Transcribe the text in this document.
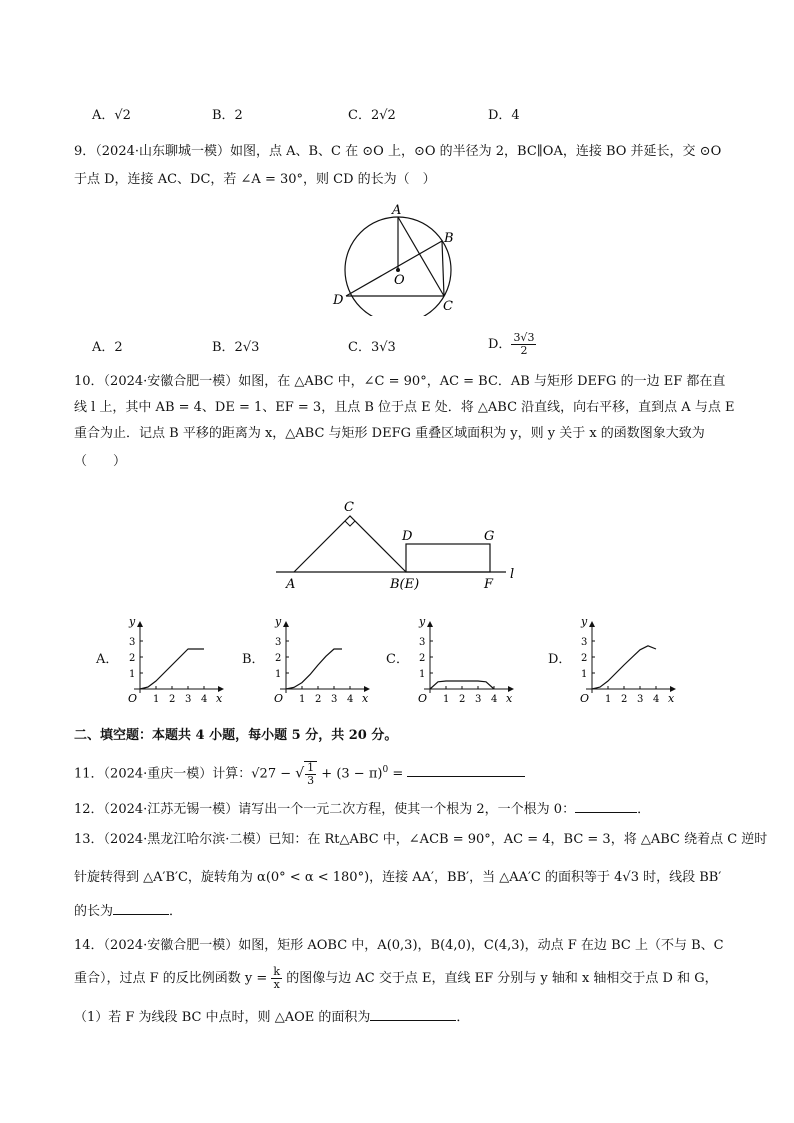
A．√2	B．2	C．2√2	D．4
9．（2024·山东聊城一模）如图，点 A、B、C 在 ⊙O 上，⊙O 的半径为 2，BC∥OA，连接 BO 并延长，交 ⊙O
于点 D，连接 AC、DC，若 ∠A = 30°，则 CD 的长为（　）
A
B
O
D	C
A．2	B．2√3	C．3√3	D． $\frac{3√3}{2}$
10．（2024·安徽合肥一模）如图，在 △ABC 中，∠C = 90°，AC = BC．AB 与矩形 DEFG 的一边 EF 都在直
线 l 上，其中 AB = 4、DE = 1、EF = 3，且点 B 位于点 E 处．将 △ABC 沿直线，向右平移，直到点 A 与点 E
重合为止．记点 B 平移的距离为 x，△ABC 与矩形 DEFG 重叠区域面积为 y，则 y 关于 x 的函数图象大致为
（　　）
C
A	B(E)
D	G
F
l
A．	B．	C．	D．
x
y
O 1 2 3 4
1
2
3
x
y
O 1 2 3 4
1
2
3
x
y
O 1 2 3 4
1
2
3
x
y
O 1 2 3 4
1
2
3
二、填空题：本题共 4 小题，每小题 5 分，共 20 分。
11．（2024·重庆一模）计算：√27 − √ $\frac{1}{3} + (3 - \pi)^0$ =
12．（2024·江苏无锡一模）请写出一个一元二次方程，使其一个根为 2，一个根为 0：	．
13．（2024·黑龙江哈尔滨·二模）已知：在 Rt△ABC 中，∠ACB = 90°，AC = 4，BC = 3，将 △ABC 绕着点 C 逆时
针旋转得到 △A′B′C，旋转角为 α(0° < α < 180°)，连接 AA′，BB′，当 △AA′C 的面积等于 4√3 时，线段 BB′
的长为	．
14．（2024·安徽合肥一模）如图，矩形 AOBC 中，A(0,3)，B(4,0)，C(4,3)，动点 F 在边 BC 上（不与 B、C
重合），过点 F 的反比例函数 $y = \frac{k}{x}$ 的图像与边 AC 交于点 E，直线 EF 分别与 y 轴和 x 轴相交于点 D 和 G，
（1）若 F 为线段 BC 中点时，则 △AOE 的面积为	．
